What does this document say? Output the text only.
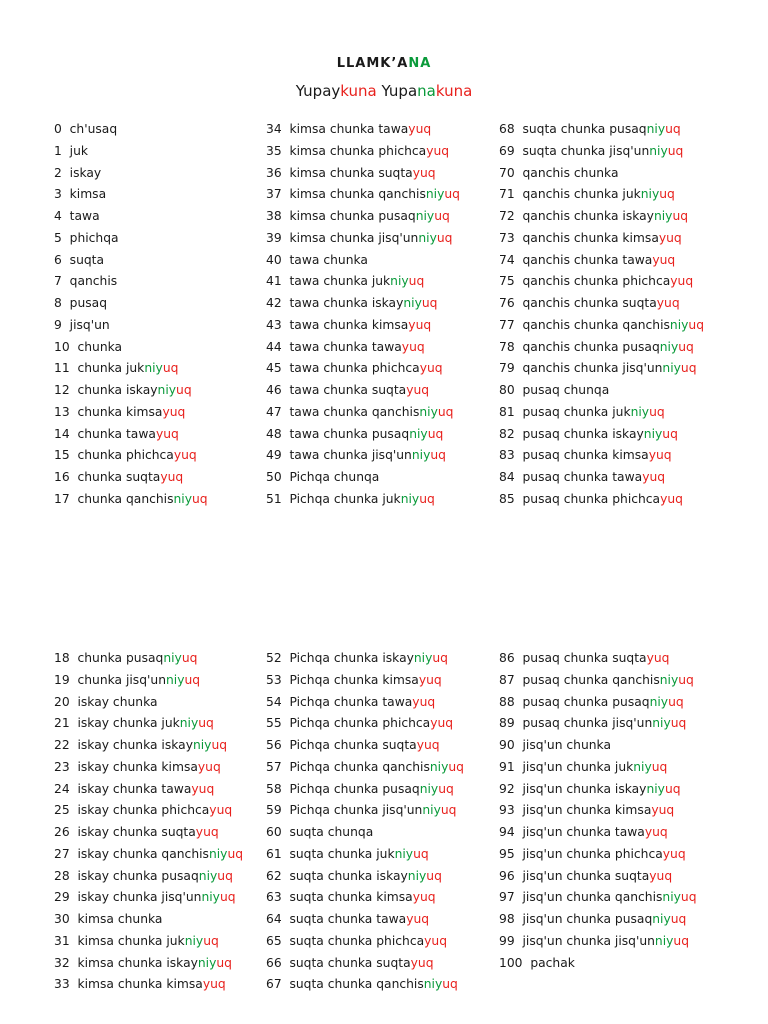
LLAMK’ANA
Yupaykuna Yupanakuna
0 ch'usaq
1 juk
2 iskay
3 kimsa
4 tawa
5 phichqa
6 suqta
7 qanchis
8 pusaq
9 jisq'un
10 chunka
11 chunka jukniyuq
12 chunka iskayniyuq
13 chunka kimsayuq
14 chunka tawayuq
15 chunka phichcayuq
16 chunka suqtayuq
17 chunka qanchisniyuq
34 kimsa chunka tawayuq
35 kimsa chunka phichcayuq
36 kimsa chunka suqtayuq
37 kimsa chunka qanchisniyuq
38 kimsa chunka pusaqniyuq
39 kimsa chunka jisq'unniyuq
40 tawa chunka
41 tawa chunka jukniyuq
42 tawa chunka iskayniyuq
43 tawa chunka kimsayuq
44 tawa chunka tawayuq
45 tawa chunka phichcayuq
46 tawa chunka suqtayuq
47 tawa chunka qanchisniyuq
48 tawa chunka pusaqniyuq
49 tawa chunka jisq'unniyuq
50 Pichqa chunqa
51 Pichqa chunka jukniyuq
68 suqta chunka pusaqniyuq
69 suqta chunka jisq'unniyuq
70 qanchis chunka
71 qanchis chunka jukniyuq
72 qanchis chunka iskayniyuq
73 qanchis chunka kimsayuq
74 qanchis chunka tawayuq
75 qanchis chunka phichcayuq
76 qanchis chunka suqtayuq
77 qanchis chunka qanchisniyuq
78 qanchis chunka pusaqniyuq
79 qanchis chunka jisq'unniyuq
80 pusaq chunqa
81 pusaq chunka jukniyuq
82 pusaq chunka iskayniyuq
83 pusaq chunka kimsayuq
84 pusaq chunka tawayuq
85 pusaq chunka phichcayuq
18 chunka pusaqniyuq
19 chunka jisq'unniyuq
20 iskay chunka
21 iskay chunka jukniyuq
22 iskay chunka iskayniyuq
23 iskay chunka kimsayuq
24 iskay chunka tawayuq
25 iskay chunka phichcayuq
26 iskay chunka suqtayuq
27 iskay chunka qanchisniyuq
28 iskay chunka pusaqniyuq
29 iskay chunka jisq'unniyuq
30 kimsa chunka
31 kimsa chunka jukniyuq
32 kimsa chunka iskayniyuq
33 kimsa chunka kimsayuq
52 Pichqa chunka iskayniyuq
53 Pichqa chunka kimsayuq
54 Pichqa chunka tawayuq
55 Pichqa chunka phichcayuq
56 Pichqa chunka suqtayuq
57 Pichqa chunka qanchisniyuq
58 Pichqa chunka pusaqniyuq
59 Pichqa chunka jisq'unniyuq
60 suqta chunqa
61 suqta chunka jukniyuq
62 suqta chunka iskayniyuq
63 suqta chunka kimsayuq
64 suqta chunka tawayuq
65 suqta chunka phichcayuq
66 suqta chunka suqtayuq
67 suqta chunka qanchisniyuq
86 pusaq chunka suqtayuq
87 pusaq chunka qanchisniyuq
88 pusaq chunka pusaqniyuq
89 pusaq chunka jisq'unniyuq
90 jisq'un chunka
91 jisq'un chunka jukniyuq
92 jisq'un chunka iskayniyuq
93 jisq'un chunka kimsayuq
94 jisq'un chunka tawayuq
95 jisq'un chunka phichcayuq
96 jisq'un chunka suqtayuq
97 jisq'un chunka qanchisniyuq
98 jisq'un chunka pusaqniyuq
99 jisq'un chunka jisq'unniyuq
100 pachak
